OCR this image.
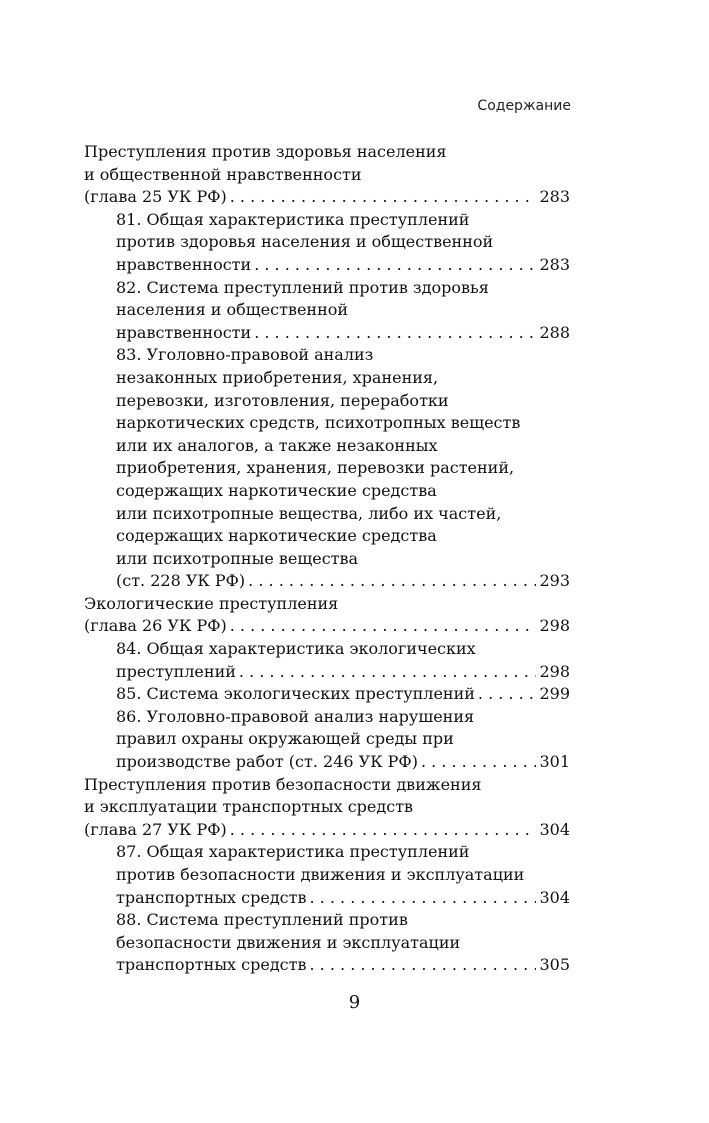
Содержание
Преступления против здоровья населения
и общественной нравственности
(глава 25 УК РФ) . . .	283
81. Общая характеристика преступлений
против здоровья населения и общественной
нравственности . . .	283
82. Система преступлений против здоровья
населения и общественной
нравственности . . .	288
83. Уголовно-правовой анализ
незаконных приобретения, хранения,
перевозки, изготовления, переработки
наркотических средств, психотропных веществ
или их аналогов, а также незаконных
приобретения, хранения, перевозки растений,
содержащих наркотические средства
или психотропные вещества, либо их частей,
содержащих наркотические средства
или психотропные вещества
(ст. 228 УК РФ) . . .	293
Экологические преступления
(глава 26 УК РФ) . . .	298
84. Общая характеристика экологических
преступлений . . .	298
85. Система экологических преступлений . . .	299
86. Уголовно-правовой анализ нарушения
правил охраны окружающей среды при
производстве работ (ст. 246 УК РФ) . . .	301
Преступления против безопасности движения
и эксплуатации транспортных средств
(глава 27 УК РФ) . . .	304
87. Общая характеристика преступлений
против безопасности движения и эксплуатации
транспортных средств . . .	304
88. Система преступлений против
безопасности движения и эксплуатации
транспортных средств . . .	305
9
